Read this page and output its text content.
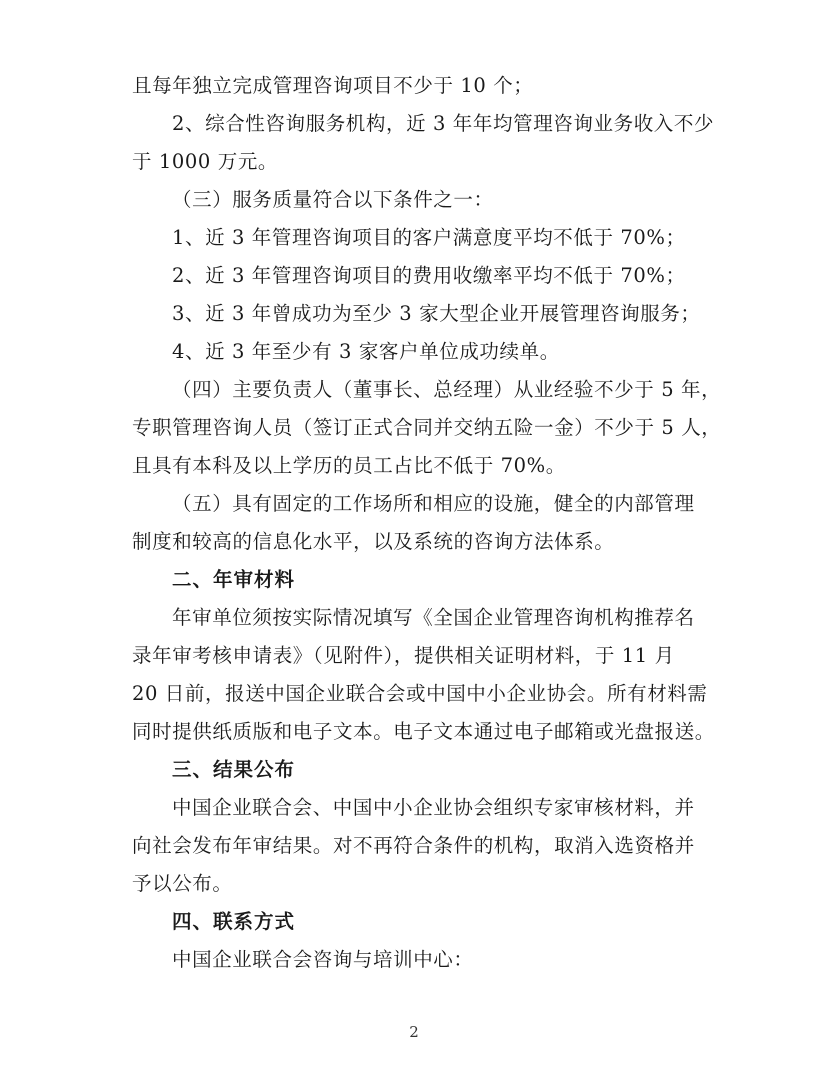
且每年独立完成管理咨询项目不少于 10 个；
2、综合性咨询服务机构，近 3 年年均管理咨询业务收入不少
于 1000 万元。
（三）服务质量符合以下条件之一：
1、近 3 年管理咨询项目的客户满意度平均不低于 70%；
2、近 3 年管理咨询项目的费用收缴率平均不低于 70%；
3、近 3 年曾成功为至少 3 家大型企业开展管理咨询服务；
4、近 3 年至少有 3 家客户单位成功续单。
（四）主要负责人（董事长、总经理）从业经验不少于 5 年，
专职管理咨询人员（签订正式合同并交纳五险一金）不少于 5 人，
且具有本科及以上学历的员工占比不低于 70%。
（五）具有固定的工作场所和相应的设施，健全的内部管理
制度和较高的信息化水平，以及系统的咨询方法体系。
二、年审材料
年审单位须按实际情况填写《全国企业管理咨询机构推荐名
录年审考核申请表》（见附件），提供相关证明材料，于 11 月
20 日前，报送中国企业联合会或中国中小企业协会。所有材料需
同时提供纸质版和电子文本。电子文本通过电子邮箱或光盘报送。
三、结果公布
中国企业联合会、中国中小企业协会组织专家审核材料，并
向社会发布年审结果。对不再符合条件的机构，取消入选资格并
予以公布。
四、联系方式
中国企业联合会咨询与培训中心：
2
